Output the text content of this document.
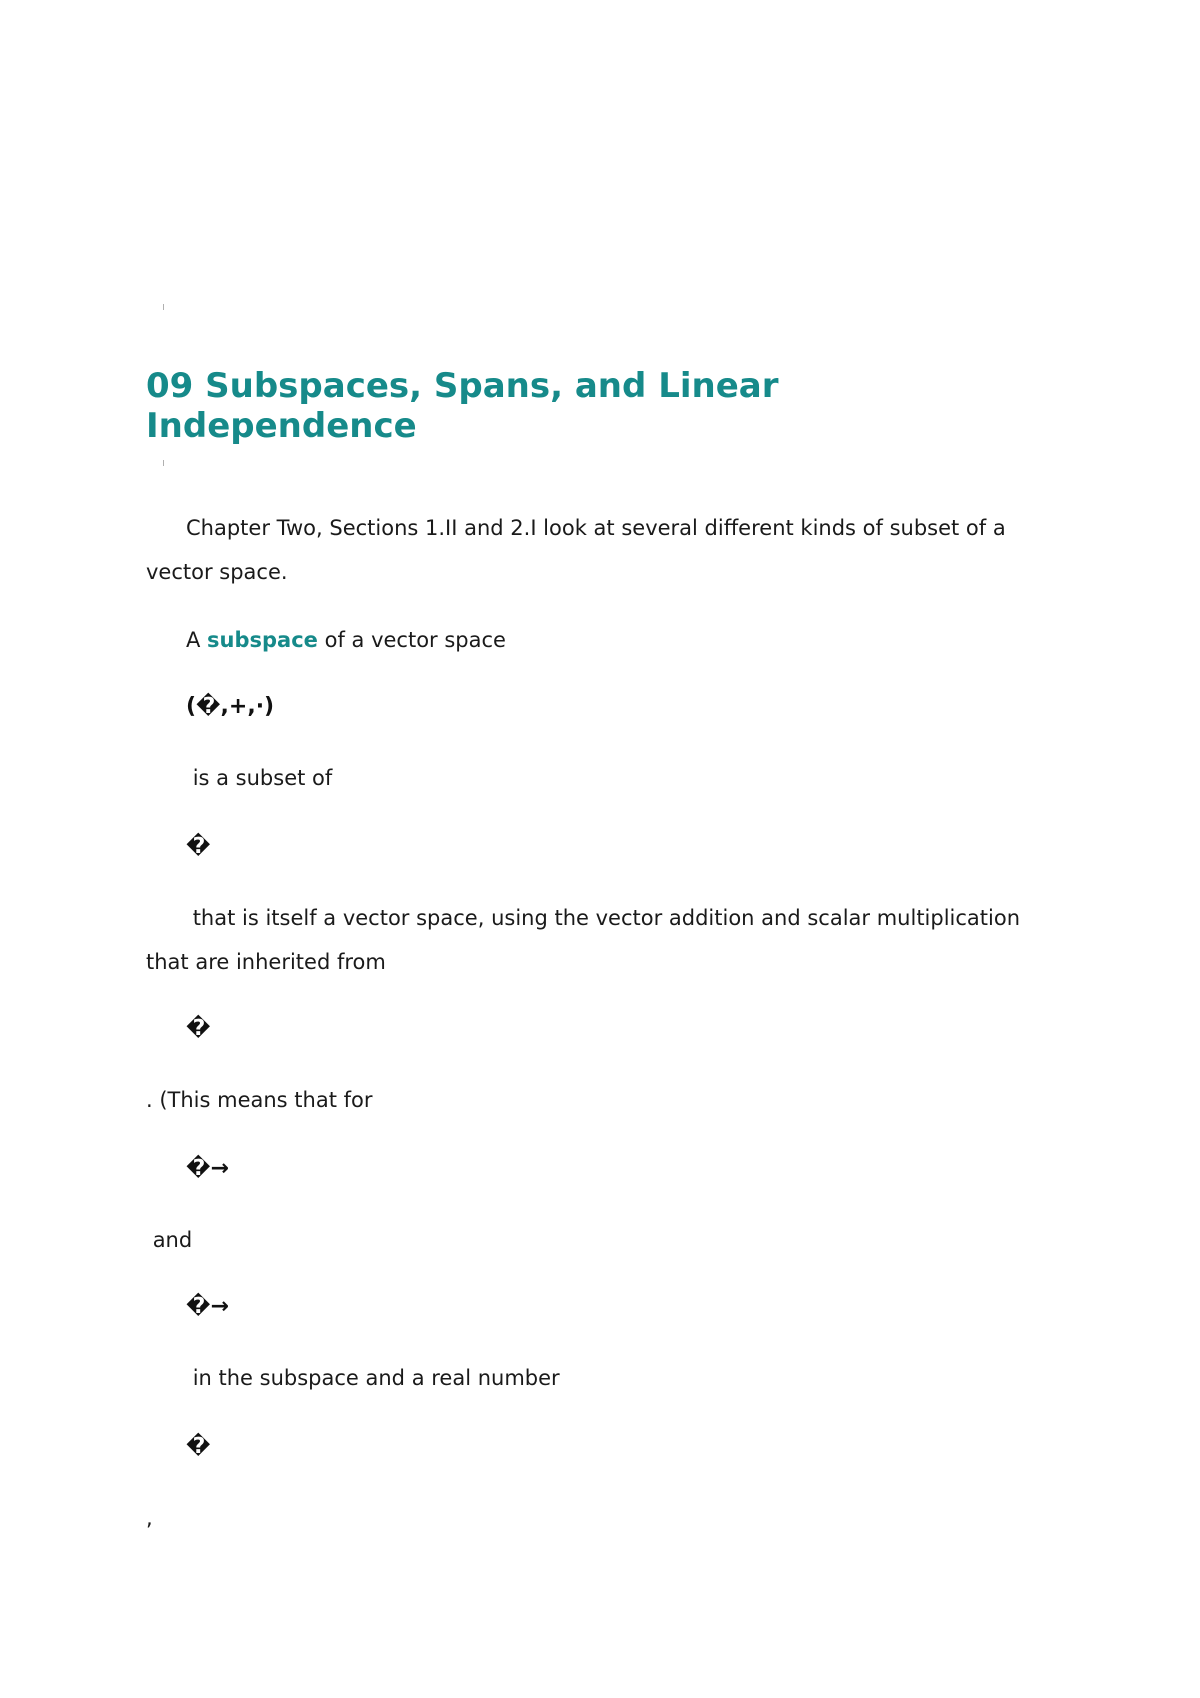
09 Subspaces, Spans, and Linear Independence

Chapter Two, Sections 1.II and 2.I look at several different kinds of subset of a vector space.

A subspace of a vector space

(�,+,·)

is a subset of

�

that is itself a vector space, using the vector addition and scalar multiplication that are inherited from

�

. (This means that for

�→

and

�→

in the subspace and a real number

�

,
